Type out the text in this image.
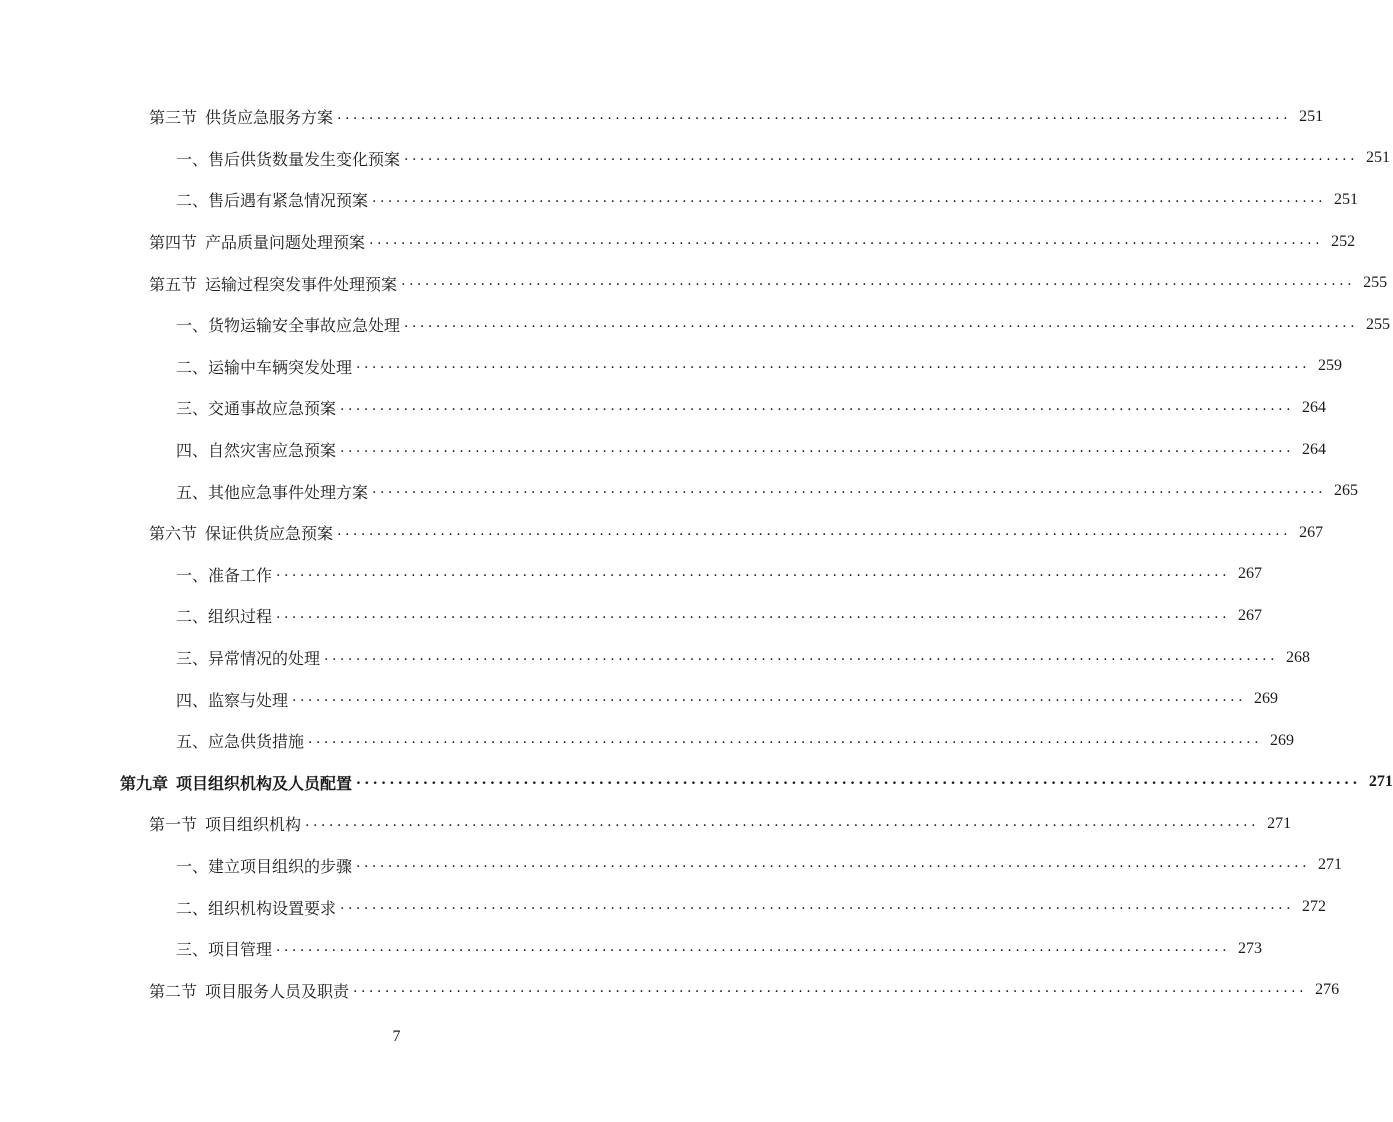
第三节 供货应急服务方案 ........................................................................................................................ 251
一、售后供货数量发生变化预案 ........................................................................................................................ 251
二、售后遇有紧急情况预案 ........................................................................................................................ 251
第四节 产品质量问题处理预案 ........................................................................................................................ 252
第五节 运输过程突发事件处理预案 ........................................................................................................................ 255
一、货物运输安全事故应急处理 ........................................................................................................................ 255
二、运输中车辆突发处理 ........................................................................................................................ 259
三、交通事故应急预案 ........................................................................................................................ 264
四、自然灾害应急预案 ........................................................................................................................ 264
五、其他应急事件处理方案 ........................................................................................................................ 265
第六节 保证供货应急预案 ........................................................................................................................ 267
一、准备工作 ........................................................................................................................ 267
二、组织过程 ........................................................................................................................ 267
三、异常情况的处理 ........................................................................................................................ 268
四、监察与处理 ........................................................................................................................ 269
五、应急供货措施 ........................................................................................................................ 269
第九章 项目组织机构及人员配置 ........................................................................................................................ 271
第一节 项目组织机构 ........................................................................................................................ 271
一、建立项目组织的步骤 ........................................................................................................................ 271
二、组织机构设置要求 ........................................................................................................................ 272
三、项目管理 ........................................................................................................................ 273
第二节 项目服务人员及职责 ........................................................................................................................ 276
7
